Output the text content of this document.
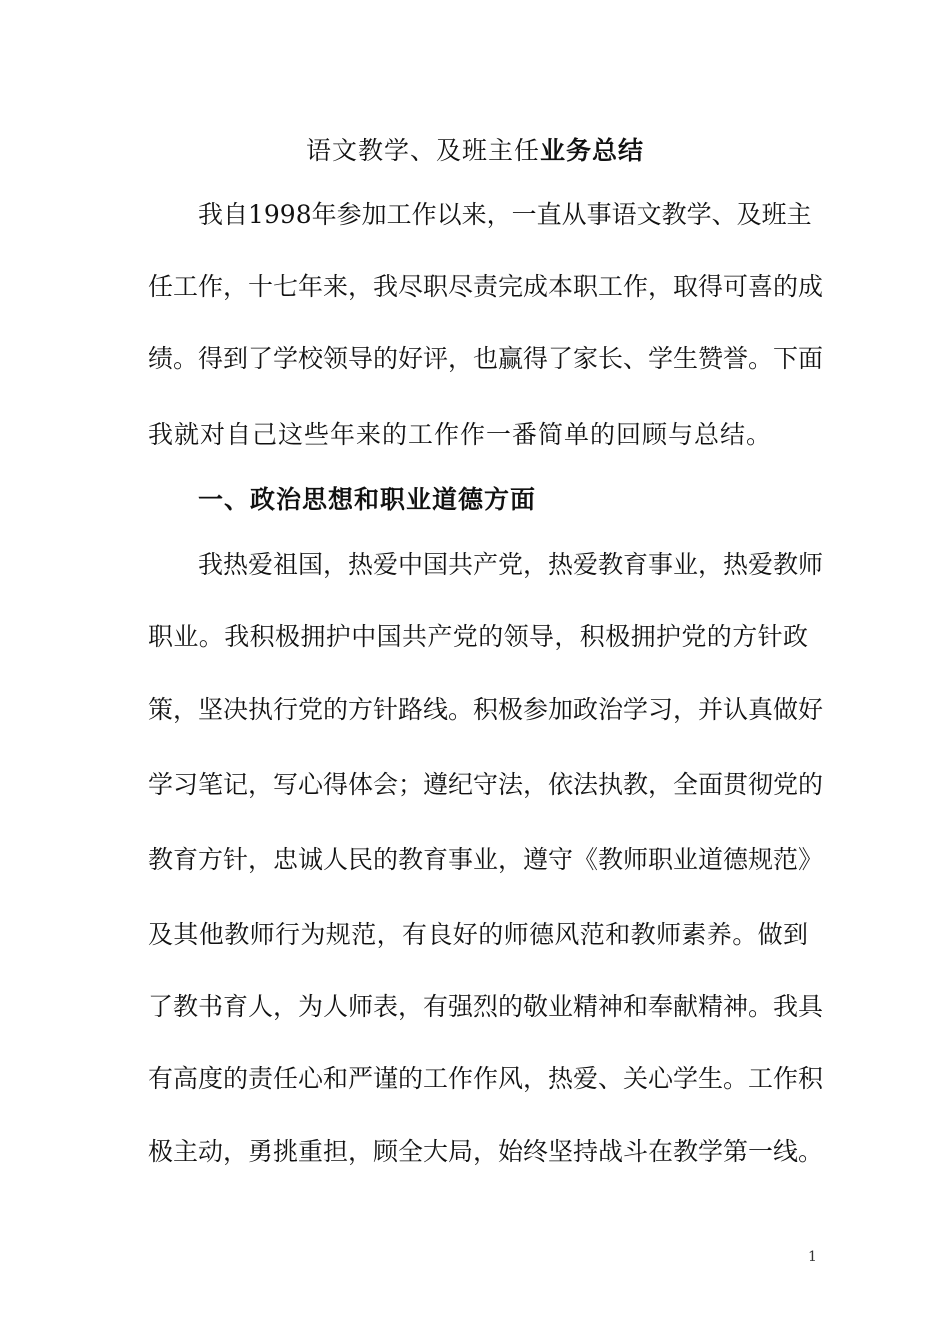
语文教学、及班主任业务总结
我自1998年参加工作以来，一直从事语文教学、及班主
任工作，十七年来，我尽职尽责完成本职工作，取得可喜的成
绩。得到了学校领导的好评，也赢得了家长、学生赞誉。下面
我就对自己这些年来的工作作一番简单的回顾与总结。
一、政治思想和职业道德方面
我热爱祖国，热爱中国共产党，热爱教育事业，热爱教师
职业。我积极拥护中国共产党的领导，积极拥护党的方针政
策，坚决执行党的方针路线。积极参加政治学习，并认真做好
学习笔记，写心得体会；遵纪守法，依法执教，全面贯彻党的
教育方针，忠诚人民的教育事业，遵守《教师职业道德规范》
及其他教师行为规范，有良好的师德风范和教师素养。做到
了教书育人，为人师表，有强烈的敬业精神和奉献精神。我具
有高度的责任心和严谨的工作作风，热爱、关心学生。工作积
极主动，勇挑重担，顾全大局，始终坚持战斗在教学第一线。
1
